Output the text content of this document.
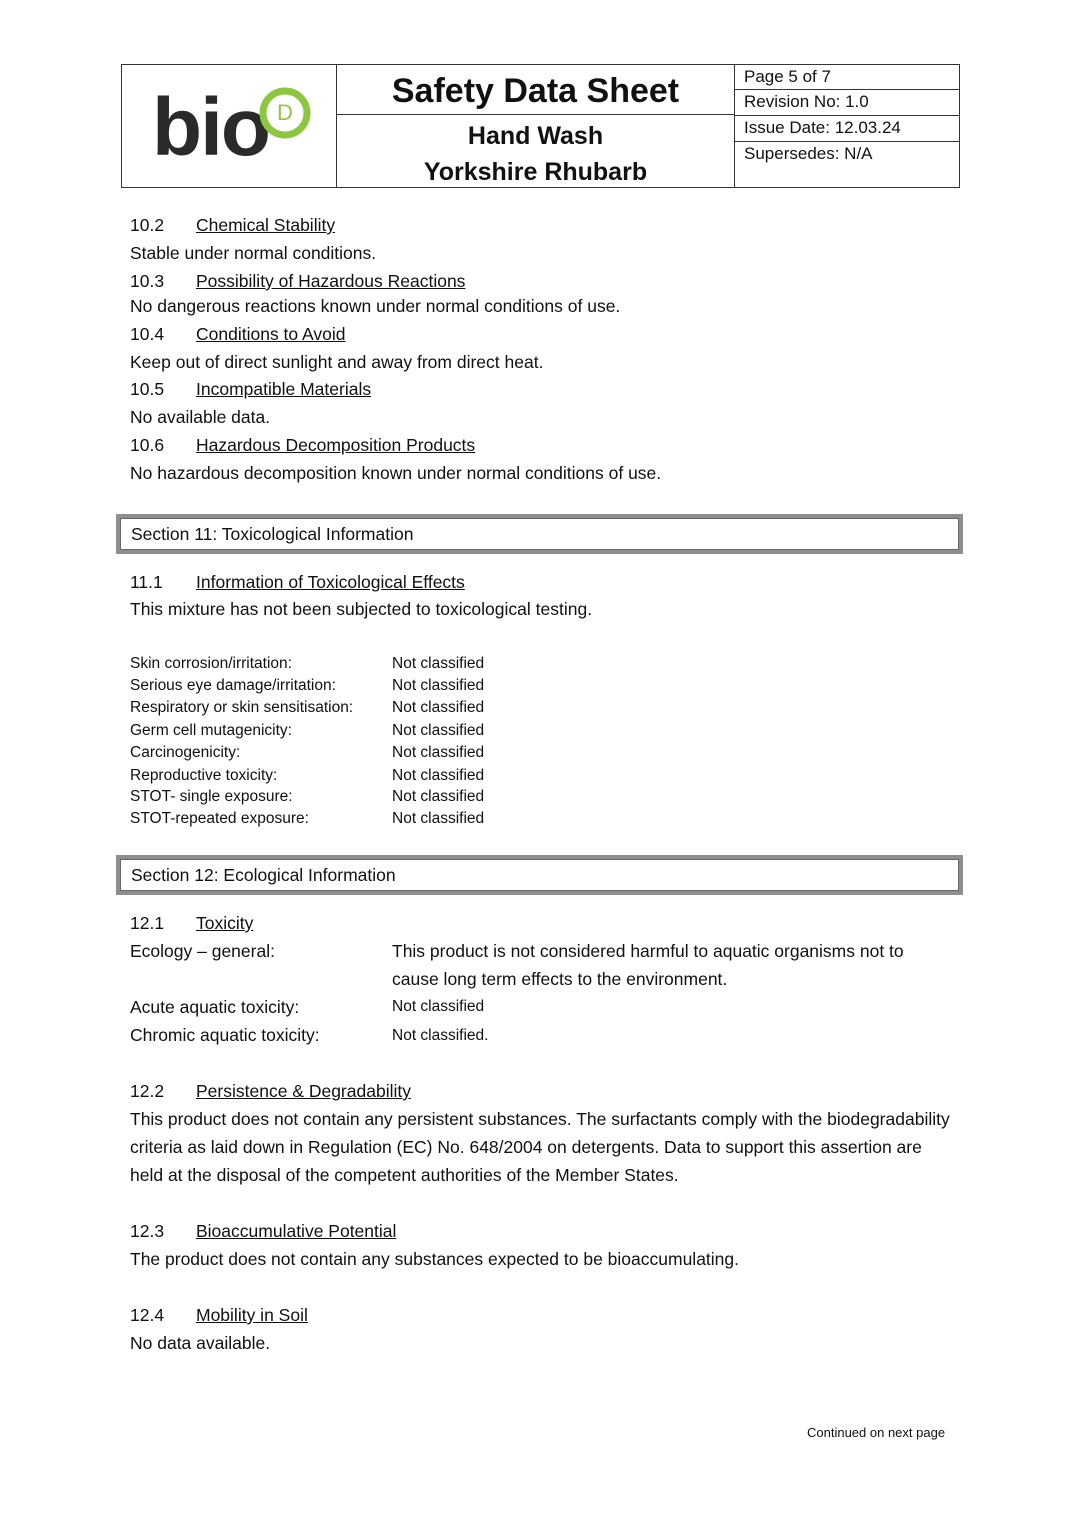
bio D
Safety Data Sheet
Hand Wash
Yorkshire Rhubarb
Page 5 of 7
Revision No: 1.0
Issue Date: 12.03.24
Supersedes: N/A
10.2 Chemical Stability
Stable under normal conditions.
10.3 Possibility of Hazardous Reactions
No dangerous reactions known under normal conditions of use.
10.4 Conditions to Avoid
Keep out of direct sunlight and away from direct heat.
10.5 Incompatible Materials
No available data.
10.6 Hazardous Decomposition Products
No hazardous decomposition known under normal conditions of use.
Section 11: Toxicological Information
11.1 Information of Toxicological Effects
This mixture has not been subjected to toxicological testing.
Skin corrosion/irritation:	Not classified
Serious eye damage/irritation:	Not classified
Respiratory or skin sensitisation:	Not classified
Germ cell mutagenicity:	Not classified
Carcinogenicity:	Not classified
Reproductive toxicity:	Not classified
STOT- single exposure:	Not classified
STOT-repeated exposure:	Not classified
Section 12: Ecological Information
12.1 Toxicity
Ecology – general:	This product is not considered harmful to aquatic organisms not to cause long term effects to the environment.
Acute aquatic toxicity:	Not classified
Chromic aquatic toxicity:	Not classified.
12.2 Persistence & Degradability
This product does not contain any persistent substances. The surfactants comply with the biodegradability criteria as laid down in Regulation (EC) No. 648/2004 on detergents. Data to support this assertion are held at the disposal of the competent authorities of the Member States.
12.3 Bioaccumulative Potential
The product does not contain any substances expected to be bioaccumulating.
12.4 Mobility in Soil
No data available.
Continued on next page
